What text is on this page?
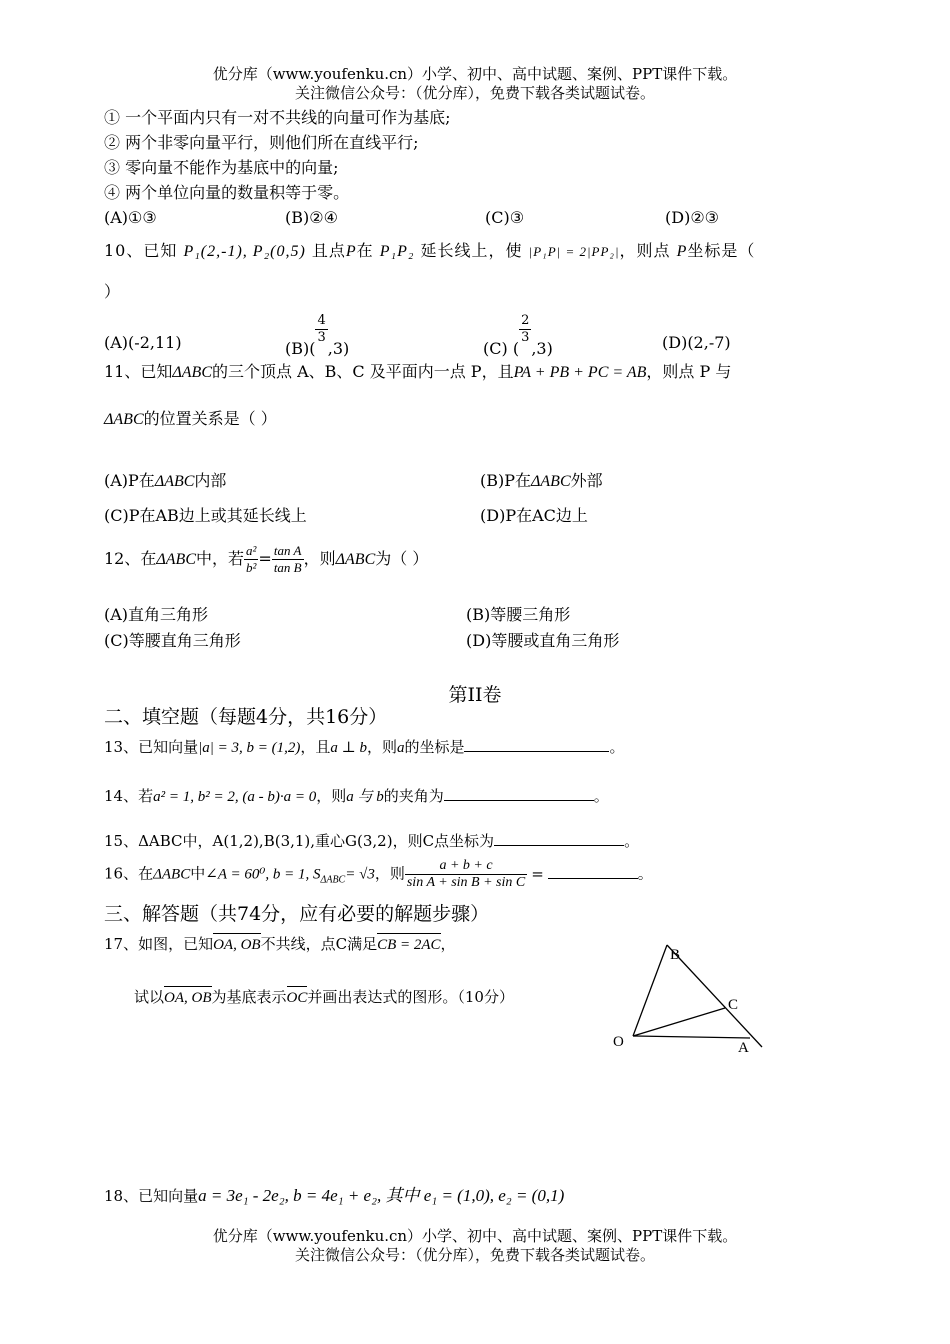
优分库（www.youfenku.cn）小学、初中、高中试题、案例、PPT课件下载。
关注微信公众号：（优分库），免费下载各类试题试卷。
① 一个平面内只有一对不共线的向量可作为基底;
② 两个非零向量平行，则他们所在直线平行;
③ 零向量不能作为基底中的向量;
④ 两个单位向量的数量积等于零。
(A)①③	(B)②④	(C)③	(D)②③
10、已知 P₁(2,-1), P₂(0,5) 且点P在 P₁P₂ 延长线上，使 |P₁P| = 2|PP₂|，则点 P坐标是（
）
(A)(-2,11)	(B)(
$\frac{4}{3}$
,3)	(C) (
$\frac{2}{3}$
,3)	(D)(2,-7)
11、已知ΔABC的三个顶点 A、B、C 及平面内一点 P，且PA + PB + PC = AB，则点 P 与
ΔABC的位置关系是（ ）
(A)P在ΔABC内部	(B)P在ΔABC外部
(C)P在AB边上或其延长线上	(D)P在AC边上
12、在ΔABC中，若 $\frac{\text{a²}}{\text{b²}} = \frac{\text{tan A}}{\text{tan B}}$ ，则ΔABC为（ ）
(A)直角三角形	(B)等腰三角形
(C)等腰直角三角形	(D)等腰或直角三角形
第II卷
二、填空题（每题4分，共16分）
13、已知向量|a| = 3, b = (1,2)，且a ⊥ b，则a的坐标是	。
14、若a² = 1, b² = 2, (a - b)·a = 0，则a 与 b的夹角为	。
15、ΔABC中，A(1,2),B(3,1),重心G(3,2)，则C点坐标为	。
16、在ΔABC中∠A = 60⁰, b = 1, $S_{\Delta ABC}= √3$，则 $\frac{a + b + c}{\text{sin A + sin B + sin C}}$ =	。
三、解答题（共74分，应有必要的解题步骤）
17、如图，已知OA, OB不共线，点C满足CB = 2AC，
试以OA, OB为基底表示OC并画出表达式的图形。（10分）
B
C
O	A
18、已知向量a = 3e₁ - 2e₂, b = 4e₁ + e₂, 其中 e₁ = (1,0), e₂ = (0,1)
优分库（www.youfenku.cn）小学、初中、高中试题、案例、PPT课件下载。
关注微信公众号：（优分库），免费下载各类试题试卷。
